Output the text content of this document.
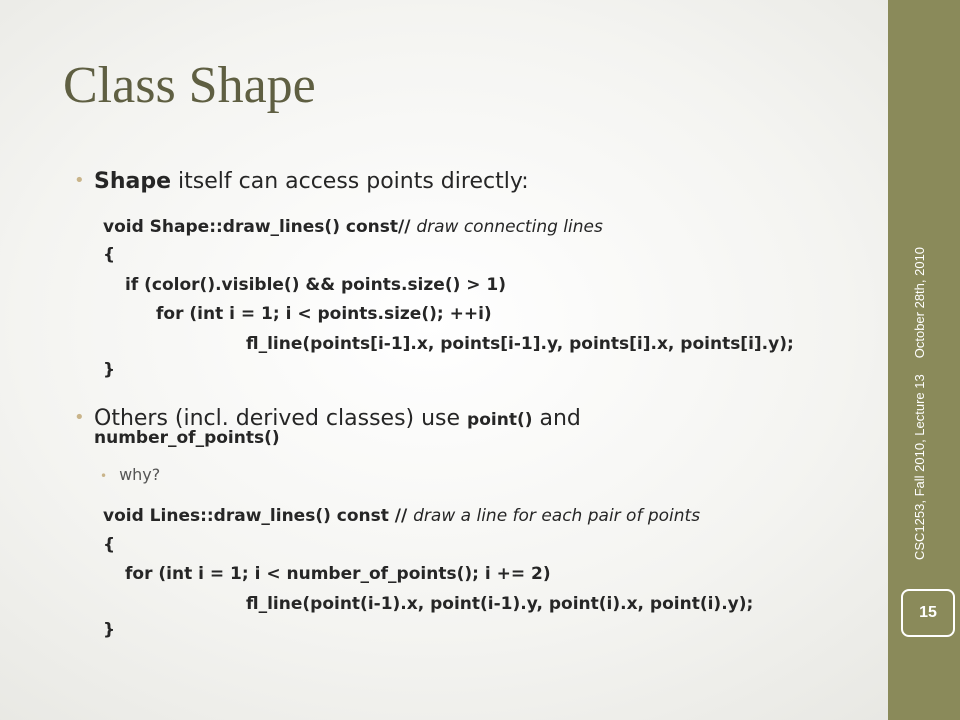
Class Shape
• Shape itself can access points directly:
void Shape::draw_lines() const// draw connecting lines
{
if (color().visible() && points.size() > 1)
for (int i = 1; i < points.size(); ++i)
fl_line(points[i-1].x, points[i-1].y, points[i].x, points[i].y);
}
• Others (incl. derived classes) use point() and
number_of_points()
• why?
void Lines::draw_lines() const // draw a line for each pair of points
{
for (int i = 1; i < number_of_points(); i += 2)
fl_line(point(i-1).x, point(i-1).y, point(i).x, point(i).y);
}
CSC1253, Fall 2010, Lecture 13October 28th, 2010
15
